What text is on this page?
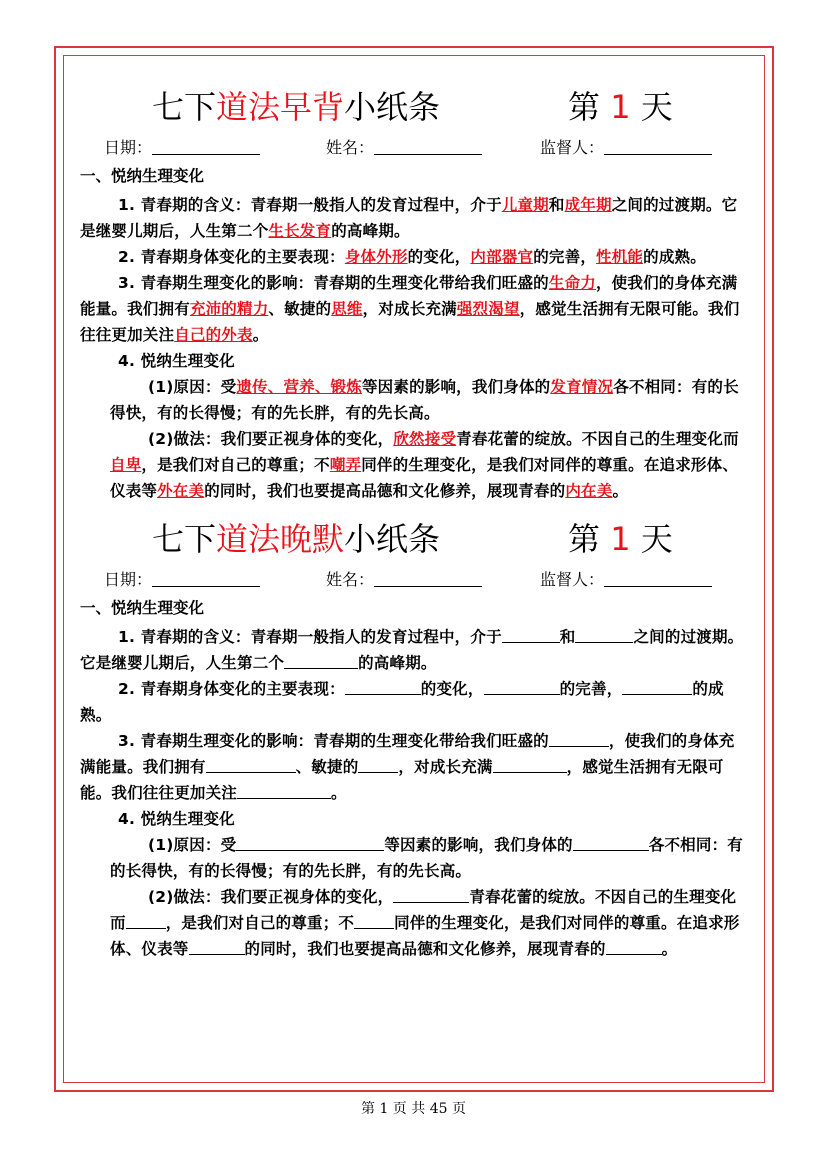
七下道法早背小纸条	第 1 天
日期：	姓名：	监督人：
一、悦纳生理变化

1. 青春期的含义：青春期一般指人的发育过程中，介于儿童期和成年期之间的过渡期。它是继婴儿期后，人生第二个生长发育的高峰期。

2. 青春期身体变化的主要表现：身体外形的变化，内部器官的完善，性机能的成熟。

3. 青春期生理变化的影响：青春期的生理变化带给我们旺盛的生命力，使我们的身体充满能量。我们拥有充沛的精力、敏捷的思维，对成长充满强烈渴望，感觉生活拥有无限可能。我们往往更加关注自己的外表。

4. 悦纳生理变化

(1)原因：受遗传、营养、锻炼等因素的影响，我们身体的发育情况各不相同：有的长得快，有的长得慢；有的先长胖，有的先长高。

(2)做法：我们要正视身体的变化，欣然接受青春花蕾的绽放。不因自己的生理变化而自卑，是我们对自己的尊重；不嘲弄同伴的生理变化，是我们对同伴的尊重。在追求形体、仪表等外在美的同时，我们也要提高品德和文化修养，展现青春的内在美。

七下道法晚默小纸条	第 1 天
日期：	姓名：	监督人：
一、悦纳生理变化

1. 青春期的含义：青春期一般指人的发育过程中，介于	和	之间的过渡期。它是继婴儿期后，人生第二个	的高峰期。

2. 青春期身体变化的主要表现：	的变化，	的完善，	的成熟。

3. 青春期生理变化的影响：青春期的生理变化带给我们旺盛的	，使我们的身体充满能量。我们拥有	、敏捷的	，对成长充满	，感觉生活拥有无限可能。我们往往更加关注	。

4. 悦纳生理变化

(1)原因：受	等因素的影响，我们身体的	各不相同：有的长得快，有的长得慢；有的先长胖，有的先长高。

(2)做法：我们要正视身体的变化，	青春花蕾的绽放。不因自己的生理变化而	，是我们对自己的尊重；不	同伴的生理变化，是我们对同伴的尊重。在追求形体、仪表等	的同时，我们也要提高品德和文化修养，展现青春的	。

第 1 页 共 45 页
